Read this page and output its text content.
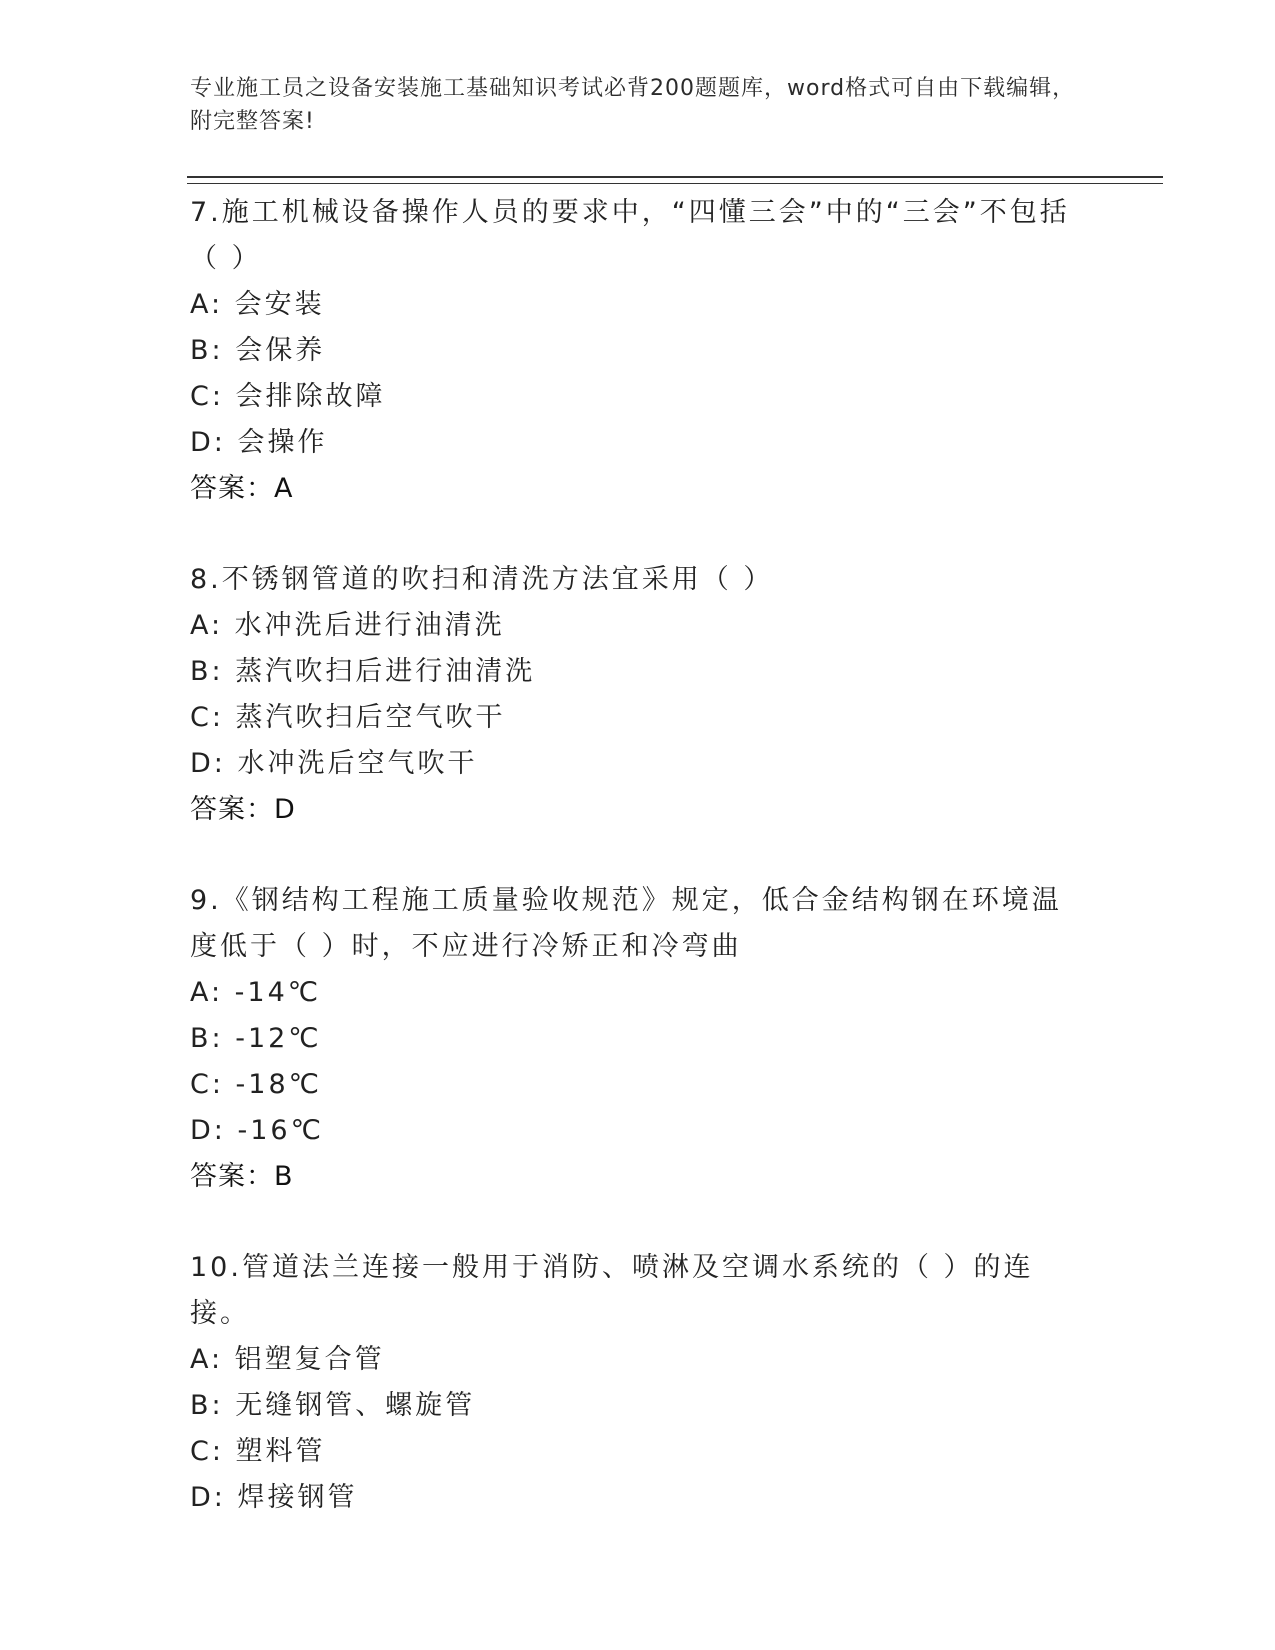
专业施工员之设备安装施工基础知识考试必背200题题库，word格式可自由下载编辑，附完整答案!
7.施工机械设备操作人员的要求中，“四懂三会”中的“三会”不包括（ ）
A: 会安装
B: 会保养
C: 会排除故障
D: 会操作
答案：A
8.不锈钢管道的吹扫和清洗方法宜采用（ ）
A: 水冲洗后进行油清洗
B: 蒸汽吹扫后进行油清洗
C: 蒸汽吹扫后空气吹干
D: 水冲洗后空气吹干
答案：D
9.《钢结构工程施工质量验收规范》规定，低合金结构钢在环境温度低于（ ）时，不应进行冷矫正和冷弯曲
A: -14℃
B: -12℃
C: -18℃
D: -16℃
答案：B
10.管道法兰连接一般用于消防、喷淋及空调水系统的（ ）的连接。
A: 铝塑复合管
B: 无缝钢管、螺旋管
C: 塑料管
D: 焊接钢管
